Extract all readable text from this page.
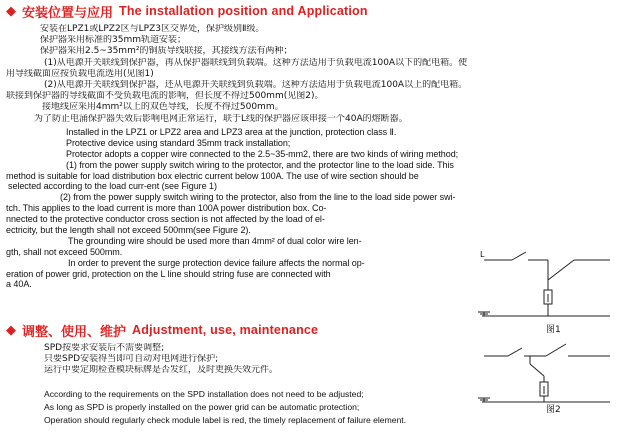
◆ 安装位置与应用 The installation position and Application
安装在LPZ1或LPZ2区与LPZ3区交界处，保护级别Ⅱ级。
保护器采用标准的35mm轨道安装；
保护器采用2.5~35mm²的铜质导线联接，其接线方法有两种；
(1)从电源开关联线到保护器，再从保护器联线到负载端。这种方法适用于负载电流100A以下的配电箱。使
用导线截面应按负载电流选用(见图1)
(2)从电源开关联线到保护器，还从电源开关联线到负载端。这种方法适用于负载电流100A以上的配电箱。
联接到保护器的导线截面不受负载电流的影响，但长度不得过500mm(见图2)。
接地线应采用4mm²以上的双色导线，长度不得过500mm。
为了防止电涌保护器失效后影响电网正常运行，联于L线的保护器应该串接一个40A的熔断器。
Installed in the LPZ1 or LPZ2 area and LPZ3 area at the junction, protection class Ⅱ.
Protective device using standard 35mm track installation;
Protector adopts a copper wire connected to the 2.5~35-mm2, there are two kinds of wiring method;
(1) from the power supply switch wiring to the protector, and the protector line to the load side. This
method is suitable for load distribution box electric current below 100A. The use of wire section should be
selected according to the load curr-ent (see Figure 1)
(2) from the power supply switch wiring to the protector, also from the line to the load side power swi-
tch. This applies to the load current is more than 100A power distribution box. Co-
nnected to the protective conductor cross section is not affected by the load of el-
ectricity, but the length shall not exceed 500mm(see Figure 2).
The grounding wire should be used more than 4mm² of dual color wire len-
gth, shall not exceed 500mm.
In order to prevent the surge protection device failure affects the normal op-
eration of power grid, protection on the L line should string fuse are connected with
a 40A.
L
图1
◆ 调整、使用、维护 Adjustment, use, maintenance
SPD按要求安装后不需要调整;
只要SPD安装得当即可自动对电网进行保护;
运行中要定期检查模块标牌是否发红，及时更换失效元件。
According to the requirements on the SPD installation does not need to be adjusted;
As long as SPD is properly installed on the power grid can be automatic protection;
Operation should regularly check module label is red, the timely replacement of failure element.
图2
